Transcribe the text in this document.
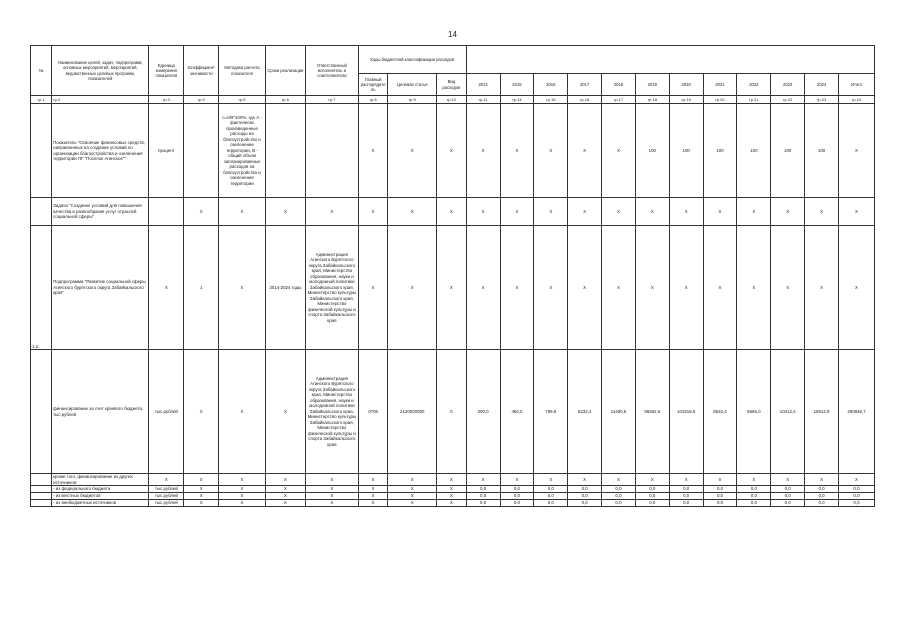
14
№	Наименование целей, задач, подпрограмм, основных мероприятий, мероприятий, ведомственных целевых программ, показателей	Единица измерения показателя	Коэффициент значимости	Методика расчета показателя	Сроки реализации	Ответственный исполнитель и соисполнители	Коды бюджетной классификации расходов														
							Главный распорядитель	Целевая статья	Вид расходов	2014	2015	2016	2017	2018	2019	2020	2021	2022	2023	2024	Итого
гр.1	гр.2	гр.3	гр.4	гр.5	гр.6	гр.7	гр.8	гр.9	гр.10	гр.11	гр.14	гр.15	гр.16	гр.17	гр.18	гр.19	гр.20	гр.21	гр.22	гр.23	гр.24
	Показатель "Освоение финансовых средств, направленных на создание условий по организации благоустройства и озеленения территории ПГ "Поселок Агинское""	процент		I=A/B*100%, где A - фактически произведенные расходы на благоустройство и озеленение территории, B - общий объем запланированных расходов на благоустройство и озеленение территории			X	X	X	X	X	X	X	X	100	100	100	100	100	100	X
	Задача "Создание условий для повышения качества и разнообразия услуг отраслей социальной сферы"		X	X	X	X	X	X	X	X	X	X	X	X	X	X	X	X	X	X	X
1.2.	Подпрограмма "Развитие социальной сферы Агинского бурятского округа Забайкальского края"	X	1	X	2014-2024 годы	Администрация Агинского Бурятского округа Забайкальского края, Министерство образования, науки и молодежной политики Забайкальского края, Министерство культуры Забайкальского края, Министерство физической культуры и спорта Забайкальского края	X	X	X	X	X	X	X	X	X	X	X	X	X	X	X
	финансирование за счет краевого бюджета, тыс.рублей	тыс.рублей	X	X	X	Администрация Агинского Бурятского округа Забайкальского края, Министерство образования, науки и молодежной политики Забайкальского края, Министерство культуры Забайкальского края, Министерство физической культуры и спорта Забайкальского края	0706	2120000000	0	200,0	460,0	799,8	8232,4	11490,5	95902,6	101818,5	8532,4	6665,0	10412,4	16912,9	260846,7
	кроме того, финансирование из других источников:	X	X	X	X	X	X	X	X	X	X	X	X	X	X	X	X	X	X	X	X
	- из федерального бюджета	тыс.рублей	X	X	X	X	X	X	X	0,0	0,0	0,0	0,0	0,0	0,0	0,0	0,0	0,0	0,0	0,0	0,0
	- из местных бюджетов	тыс.рублей	X	X	X	X	X	X	X	0,0	0,0	0,0	0,0	0,0	0,0	0,0	0,0	0,0	0,0	0,0	0,0
	- из внебюджетных источников	тыс.рублей	X	X	X	X	X	X	X	0,0	0,0	0,0	0,0	0,0	0,0	0,0	0,0	0,0	0,0	0,0	0,0
